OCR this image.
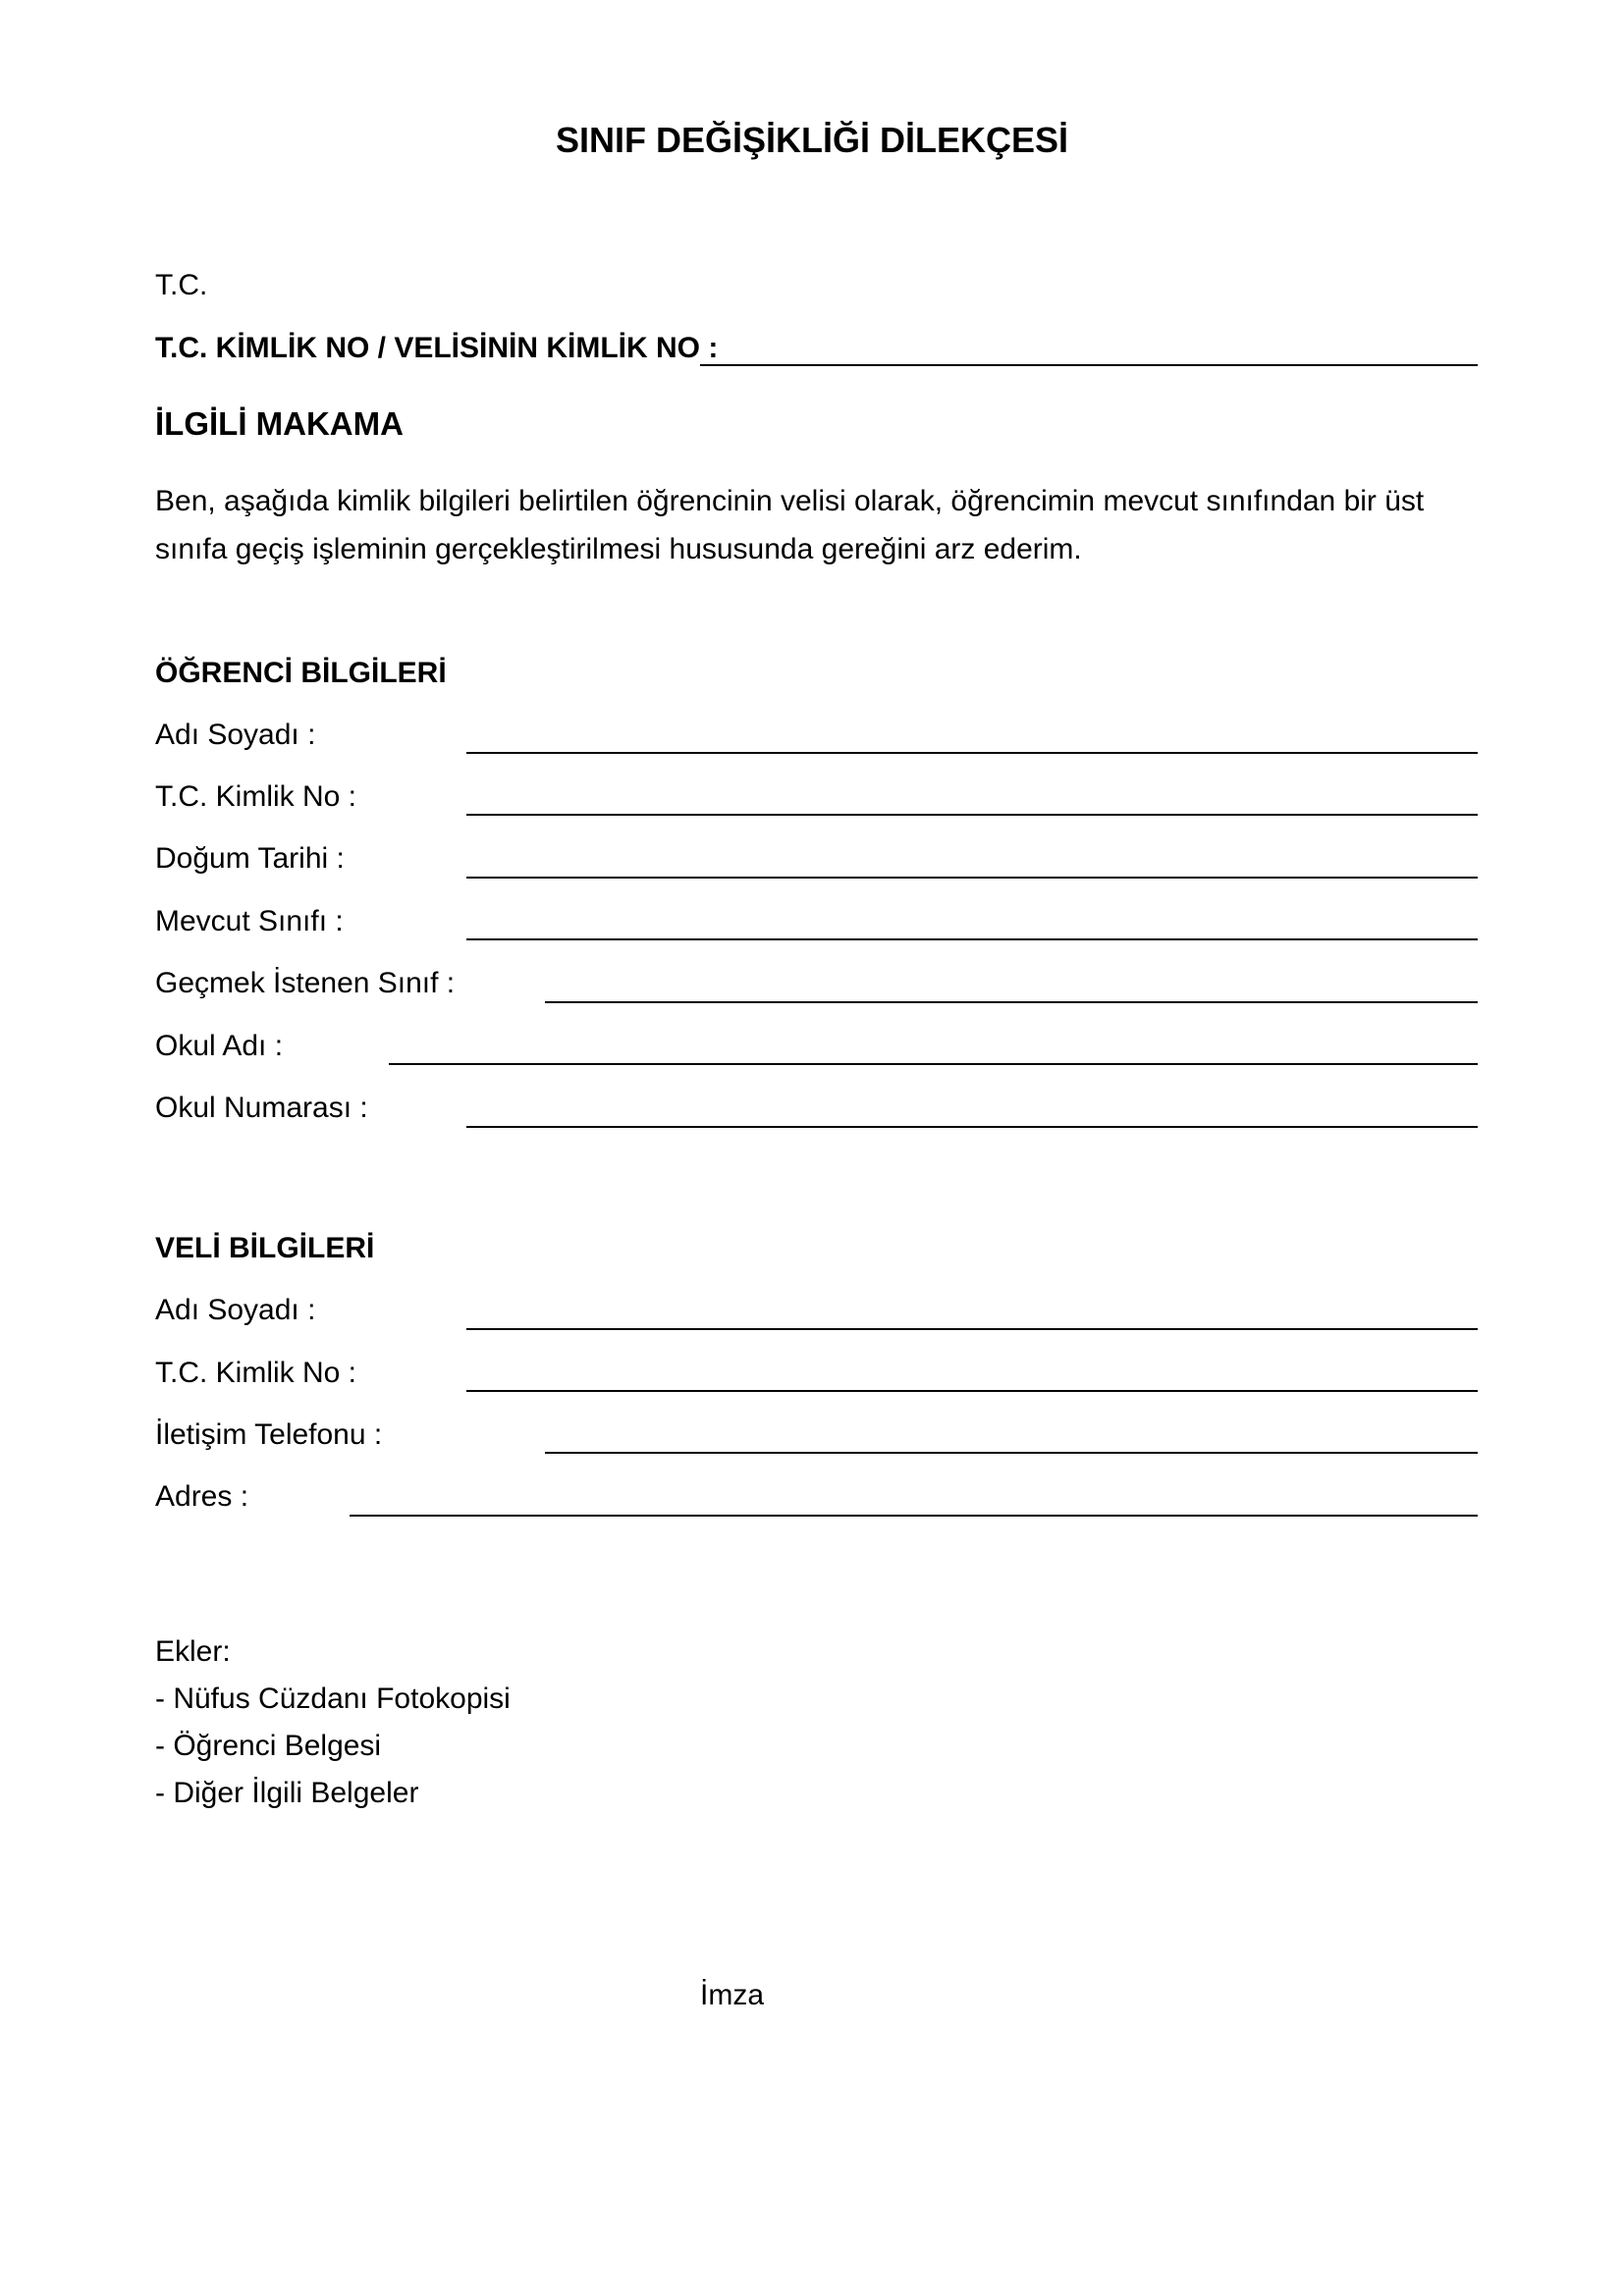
SINIF DEĞİŞİKLİĞİ DİLEKÇESİ
T.C.
T.C. KİMLİK NO / VELİSİNİN KİMLİK NO :
İLGİLİ MAKAMA
Ben, aşağıda kimlik bilgileri belirtilen öğrencinin velisi olarak, öğrencimin mevcut sınıfından bir üst
sınıfa geçiş işleminin gerçekleştirilmesi hususunda gereğini arz ederim.
ÖĞRENCİ BİLGİLERİ
Adı Soyadı :
T.C. Kimlik No :
Doğum Tarihi :
Mevcut Sınıfı :
Geçmek İstenen Sınıf :
Okul Adı :
Okul Numarası :
VELİ BİLGİLERİ
Adı Soyadı :
T.C. Kimlik No :
İletişim Telefonu :
Adres :
Ekler:
- Nüfus Cüzdanı Fotokopisi
- Öğrenci Belgesi
- Diğer İlgili Belgeler
İmza
